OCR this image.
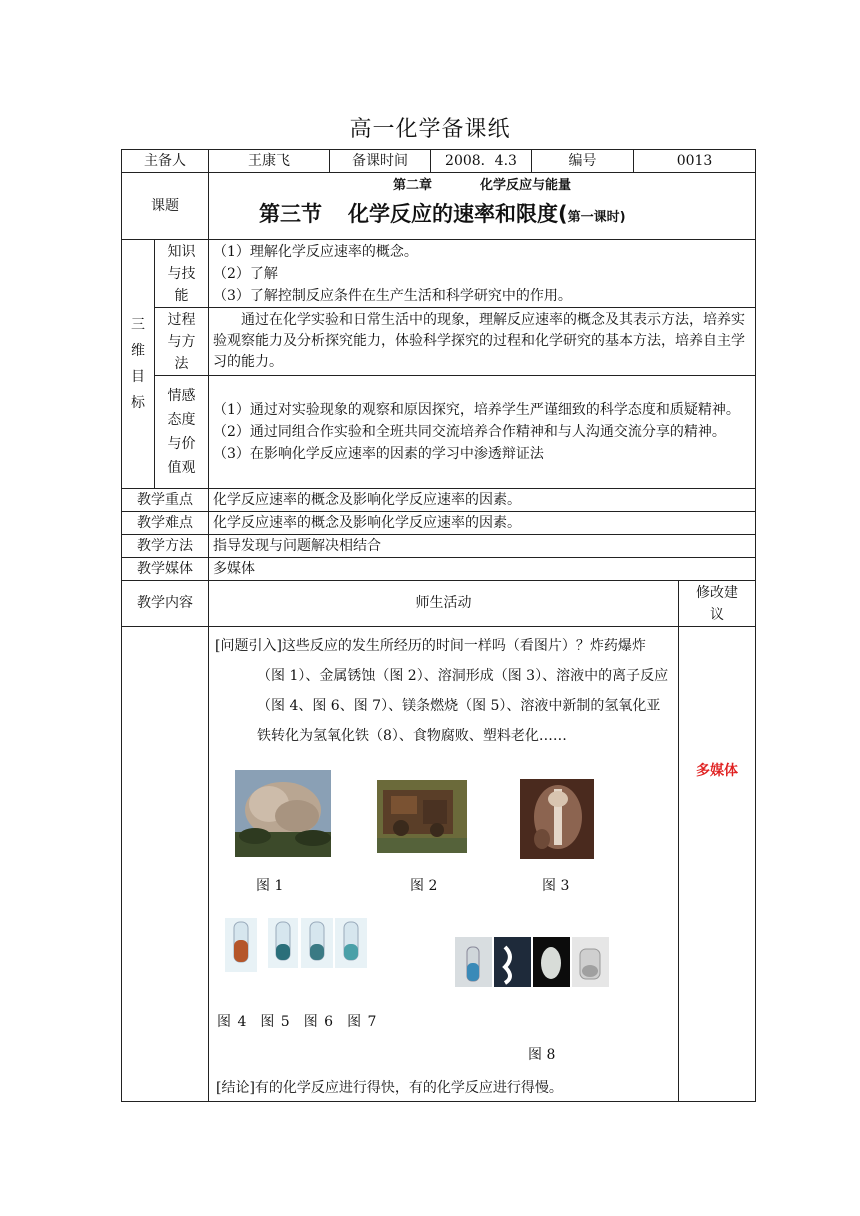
高一化学备课纸
主备人		王康飞	备课时间	2008．4.3	编号	0013	
课题		第二章 化学反应与能量
第三节 化学反应的速率和限度(第一课时)					

三维目标	知识与技能	（1）理解化学反应速率的概念。
（2）了解
（3）了解控制反应条件在生产生活和科学研究中的作用。					

	过程与方法	通过在化学实验和日常生活中的现象，理解反应速率的概念及其表示方法，培养实验观察能力及分析探究能力，体验科学探究的过程和化学研究的基本方法，培养自主学习的能力。					

	情感态度与价值观	（1）通过对实验现象的观察和原因探究，培养学生严谨细致的科学态度和质疑精神。
（2）通过同组合作实验和全班共同交流培养合作精神和与人沟通交流分享的精神。
（3）在影响化学反应速率的因素的学习中渗透辩证法					

教学重点		化学反应速率的概念及影响化学反应速率的因素。					
教学难点		化学反应速率的概念及影响化学反应速率的因素。					
教学方法		指导发现与问题解决相结合					
教学媒体		多媒体					
教学内容		师生活动					修改建议

		[问题引入]这些反应的发生所经历的时间一样吗（看图片）？炸药爆炸（图 1）、金属锈蚀（图 2）、溶洞形成（图 3）、溶液中的离子反应（图 4、图 6、图 7）、镁条燃烧（图 5）、溶液中新制的氢氧化亚铁转化为氢氧化铁（8）、食物腐败、塑料老化……					多媒体
图 1	图 2	图 3
图 4　图 5　图 6　图 7
图 8
[结论]有的化学反应进行得快，有的化学反应进行得慢。
